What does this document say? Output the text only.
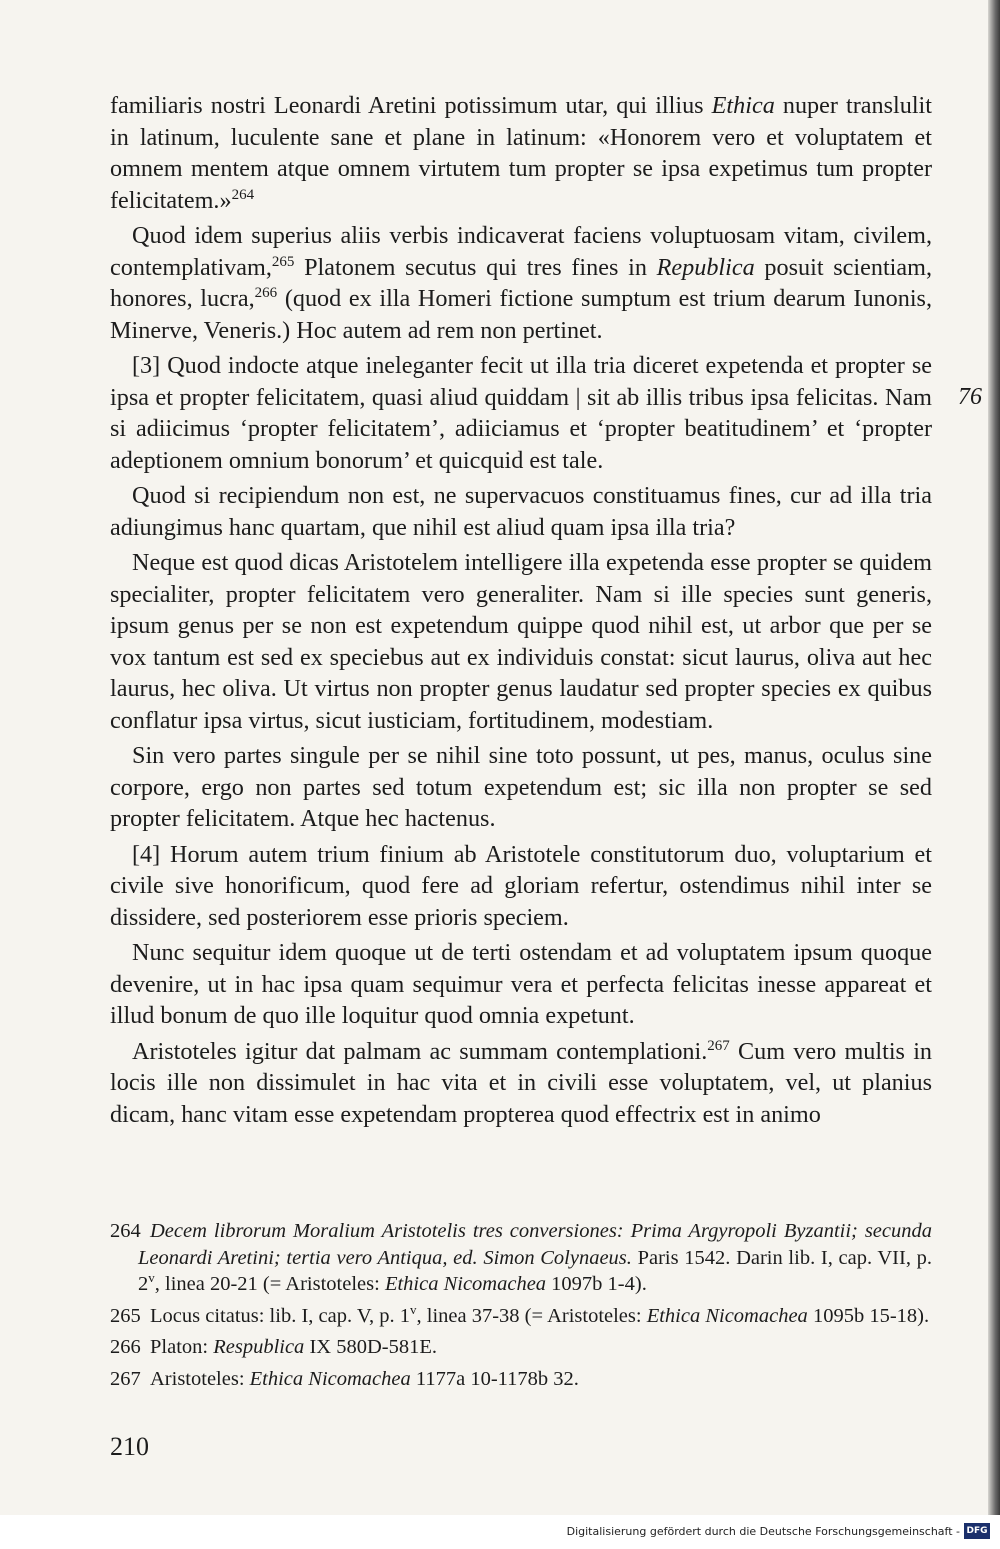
familiaris nostri Leonardi Aretini potissimum utar, qui illius Ethica nuper translulit in latinum, luculente sane et plane in latinum: «Honorem vero et voluptatem et omnem mentem atque omnem virtutem tum propter se ipsa expetimus tum propter felicitatem.»$^{264}$

Quod idem superius aliis verbis indicaverat faciens voluptuosam vitam, civilem, contemplativam,$^{265}$ Platonem secutus qui tres fines in Republica posuit scientiam, honores, lucra,$^{266}$ (quod ex illa Homeri fictione sumptum est trium dearum Iunonis, Minerve, Veneris.) Hoc autem ad rem non pertinet.

[3] Quod indocte atque ineleganter fecit ut illa tria diceret expetenda et propter se ipsa et propter felicitatem, quasi aliud quiddam | sit ab illis tribus ipsa felicitas. Nam si adiicimus ‘propter felicitatem’, adiiciamus et ‘propter beatitudinem’ et ‘propter adeptionem omnium bonorum’ et quicquid est tale.

Quod si recipiendum non est, ne supervacuos constituamus fines, cur ad illa tria adiungimus hanc quartam, que nihil est aliud quam ipsa illa tria?

Neque est quod dicas Aristotelem intelligere illa expetenda esse propter se quidem specialiter, propter felicitatem vero generaliter. Nam si ille species sunt generis, ipsum genus per se non est expetendum quippe quod nihil est, ut arbor que per se vox tantum est sed ex speciebus aut ex individuis constat: sicut laurus, oliva aut hec laurus, hec oliva. Ut virtus non propter genus laudatur sed propter species ex quibus conflatur ipsa virtus, sicut iusticiam, fortitudinem, modestiam.

Sin vero partes singule per se nihil sine toto possunt, ut pes, manus, oculus sine corpore, ergo non partes sed totum expetendum est; sic illa non propter se sed propter felicitatem. Atque hec hactenus.

[4] Horum autem trium finium ab Aristotele constitutorum duo, voluptarium et civile sive honorificum, quod fere ad gloriam refertur, ostendimus nihil inter se dissidere, sed posteriorem esse prioris speciem.

Nunc sequitur idem quoque ut de terti ostendam et ad voluptatem ipsum quoque devenire, ut in hac ipsa quam sequimur vera et perfecta felicitas inesse appareat et illud bonum de quo ille loquitur quod omnia expetunt.

Aristoteles igitur dat palmam ac summam contemplationi.$^{267}$ Cum vero multis in locis ille non dissimulet in hac vita et in civili esse voluptatem, vel, ut planius dicam, hanc vitam esse expetendam propterea quod effectrix est in animo

76
264 Decem librorum Moralium Aristotelis tres conversiones: Prima Argyropoli Byzantii; secunda Leonardi Aretini; tertia vero Antiqua, ed. Simon Colynaeus. Paris 1542. Darin lib. I, cap. VII, p. 2$^v$, linea 20-21 (= Aristoteles: Ethica Nicomachea 1097b 1-4).
265 Locus citatus: lib. I, cap. V, p. 1$^v$, linea 37-38 (= Aristoteles: Ethica Nicomachea 1095b 15-18).
266 Platon: Respublica IX 580D-581E.
267 Aristoteles: Ethica Nicomachea 1177a 10-1178b 32.
210
Digitalisierung gefördert durch die Deutsche Forschungsgemeinschaft - DFG
